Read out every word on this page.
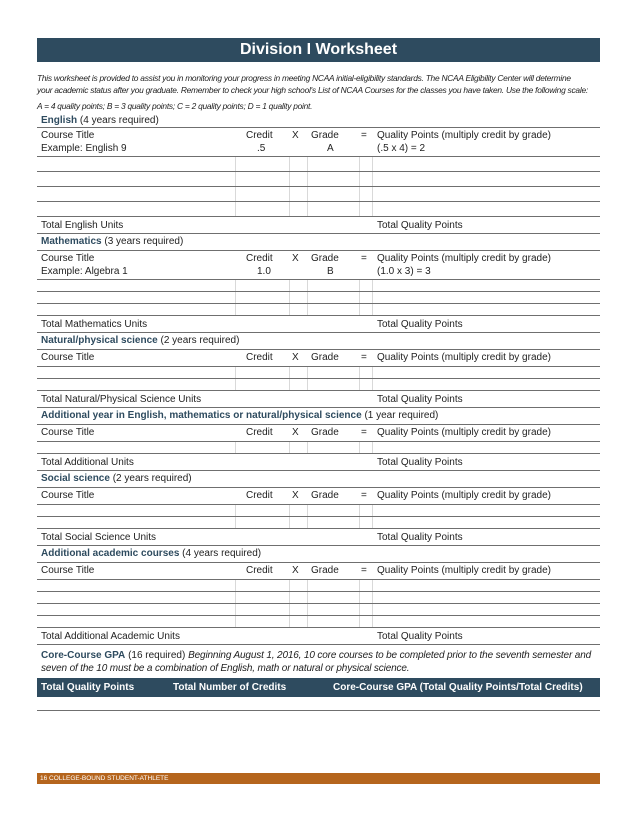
Division I Worksheet

This worksheet is provided to assist you in monitoring your progress in meeting NCAA initial-eligibility standards. The NCAA Eligibility Center will determine

your academic status after you graduate. Remember to check your high school's List of NCAA Courses for the classes you have taken. Use the following scale:

A = 4 quality points; B = 3 quality points; C = 2 quality points; D = 1 quality point.
English (4 years required)
Course Title	Credit X Grade = Quality Points (multiply credit by grade)
Example: English 9	.5	A	(.5 x 4) = 2
Total English Units	Total Quality Points
Mathematics (3 years required)
Course Title	Credit X Grade = Quality Points (multiply credit by grade)
Example: Algebra 1	1.0	B	(1.0 x 3) = 3
Total Mathematics Units	Total Quality Points
Natural/physical science (2 years required)
Course Title	Credit X Grade = Quality Points (multiply credit by grade)
Total Natural/Physical Science Units	Total Quality Points
Additional year in English, mathematics or natural/physical science (1 year required)
Course Title	Credit X Grade = Quality Points (multiply credit by grade)
Total Additional Units	Total Quality Points
Social science (2 years required)
Course Title	Credit X Grade = Quality Points (multiply credit by grade)
Total Social Science Units	Total Quality Points
Additional academic courses (4 years required)
Course Title	Credit X Grade = Quality Points (multiply credit by grade)
Total Additional Academic Units	Total Quality Points
Core-Course GPA (16 required) Beginning August 1, 2016, 10 core courses to be completed prior to the seventh semester and seven of the 10 must be a combination of English, math or natural or physical science.
Total Quality Points	Total Number of Credits	Core-Course GPA (Total Quality Points/Total Credits)
16 COLLEGE-BOUND STUDENT-ATHLETE
